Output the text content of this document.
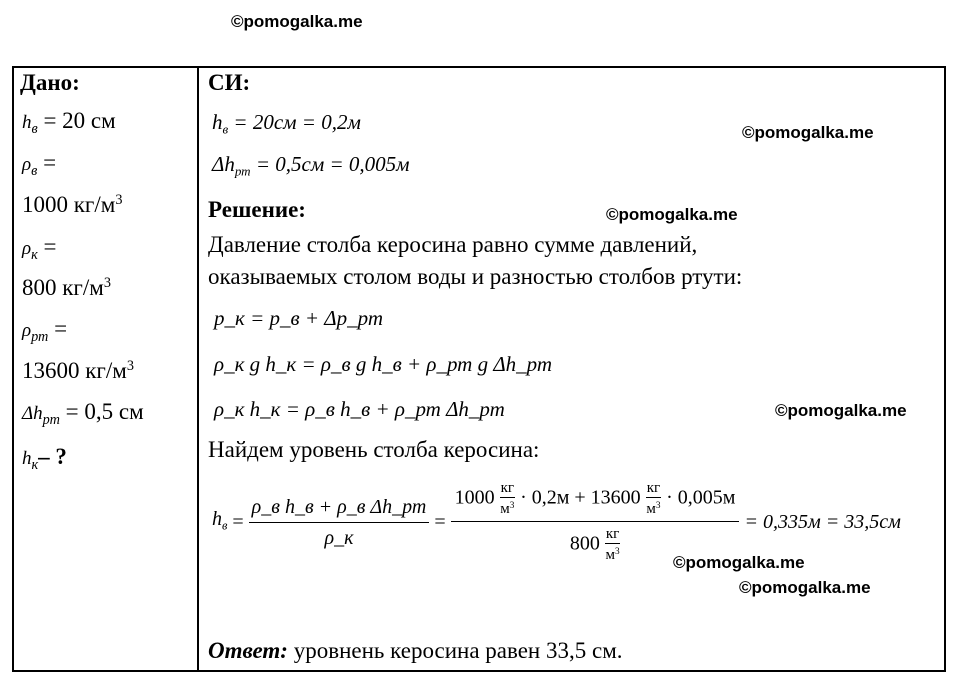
©pomogalka.me
©pomogalka.me
©pomogalka.me
©pomogalka.me
©pomogalka.me
©pomogalka.me
Дано:
$h_в = 20$ см
$\rho_в$ =
1000 $кг/м^3$
$\rho_к$ =
800 $кг/м^3$
$\rho_{рт}$ =
13600 $кг/м^3$
$\Delta h_{рт} = 0,5$ см
$h_к-$ ?
СИ:
$h_в = 20см = 0,2м$
$\Delta h_{рт} = 0,5см = 0,005м$
Решение:
Давление столба керосина равно сумме давлений,
оказываемых столом воды и разностью столбов ртути:
p_к = p_в + Δp_рт
ρ_к g h_к = ρ_в g h_в + ρ_рт g Δh_рт
ρ_к h_к = ρ_в h_в + ρ_рт Δh_рт
Найдем уровень столба керосина:
$h_в = \frac{\text{ρ\_в h\_в + ρ\_в Δh\_рт}}{\rho\_к}$ =
1000 кг
$м^3 \cdot 0,2м + 13600$ кг
$м^3 \cdot 0,005м$
800 кг
$м^3$
= 0,335м = 33,5см
Ответ: уровнень керосина равен 33,5 см.
